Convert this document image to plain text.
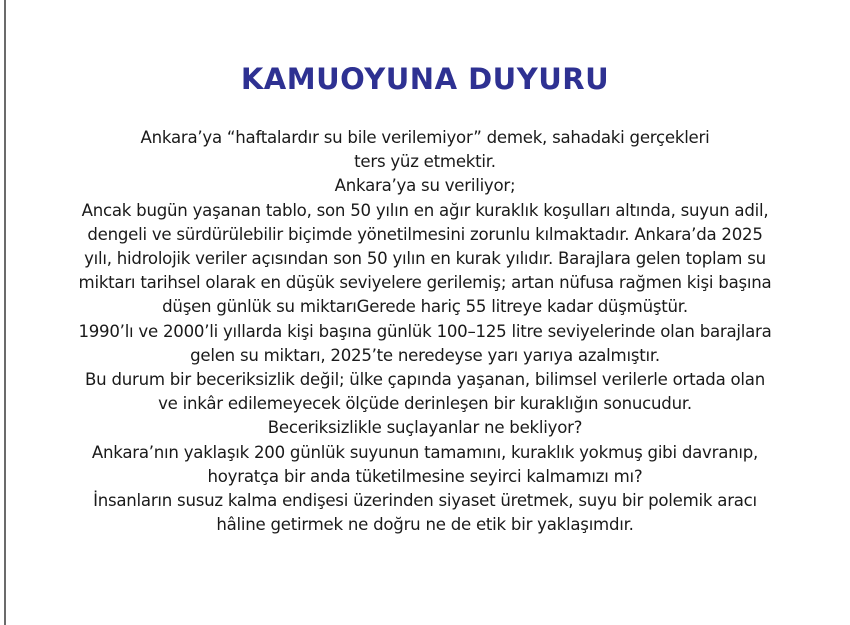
KAMUOYUNA DUYURU
Ankara’ya “haftalardır su bile verilemiyor” demek, sahadaki gerçekleri
ters yüz etmektir.
Ankara’ya su veriliyor;
Ancak bugün yaşanan tablo, son 50 yılın en ağır kuraklık koşulları altında, suyun adil,
dengeli ve sürdürülebilir biçimde yönetilmesini zorunlu kılmaktadır. Ankara’da 2025
yılı, hidrolojik veriler açısından son 50 yılın en kurak yılıdır. Barajlara gelen toplam su
miktarı tarihsel olarak en düşük seviyelere gerilemiş; artan nüfusa rağmen kişi başına
düşen günlük su miktarıGerede hariç 55 litreye kadar düşmüştür.
1990’lı ve 2000’li yıllarda kişi başına günlük 100–125 litre seviyelerinde olan barajlara
gelen su miktarı, 2025’te neredeyse yarı yarıya azalmıştır.
Bu durum bir beceriksizlik değil; ülke çapında yaşanan, bilimsel verilerle ortada olan
ve inkâr edilemeyecek ölçüde derinleşen bir kuraklığın sonucudur.
Beceriksizlikle suçlayanlar ne bekliyor?
Ankara’nın yaklaşık 200 günlük suyunun tamamını, kuraklık yokmuş gibi davranıp,
hoyratça bir anda tüketilmesine seyirci kalmamızı mı?
İnsanların susuz kalma endişesi üzerinden siyaset üretmek, suyu bir polemik aracı
hâline getirmek ne doğru ne de etik bir yaklaşımdır.
